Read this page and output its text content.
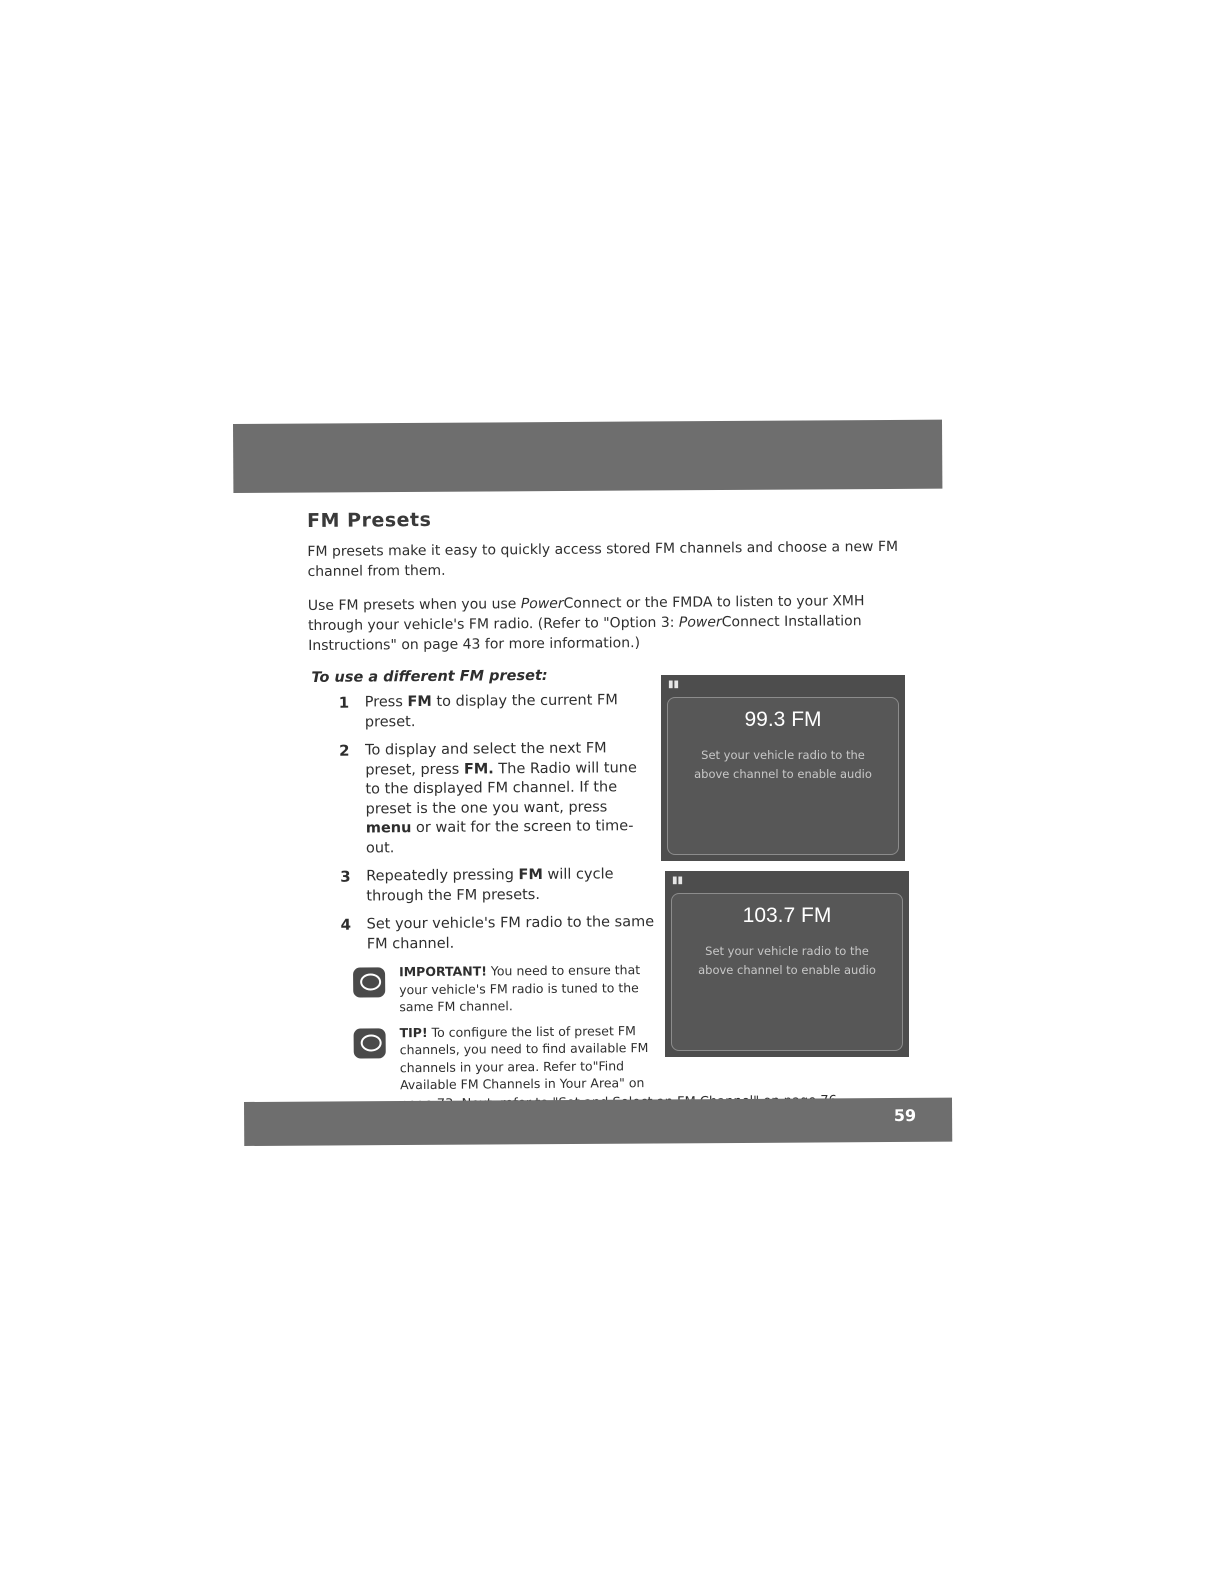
FM Presets

FM presets make it easy to quickly access stored FM channels and choose a new FM channel from them.

Use FM presets when you use PowerConnect or the FMDA to listen to your XMH through your vehicle's FM radio. (Refer to "Option 3: PowerConnect Installation Instructions" on page 43 for more information.)

To use a different FM preset:
1 Press FM to display the current FM preset.
2 To display and select the next FM preset, press FM. The Radio will tune to the displayed FM channel. If the preset is the one you want, press menu or wait for the screen to time-out.
3 Repeatedly pressing FM will cycle through the FM presets.
4 Set your vehicle's FM radio to the same FM channel.
IMPORTANT! You need to ensure that your vehicle's FM radio is tuned to the same FM channel.
TIP! To configure the list of preset FM channels, you need to find available FM channels in your area. Refer to"Find Available FM Channels in Your Area" on
▮▮
99.3 FM
Set your vehicle radio to the above channel to enable audio
▮▮
103.7 FM
Set your vehicle radio to the above channel to enable audio
59
